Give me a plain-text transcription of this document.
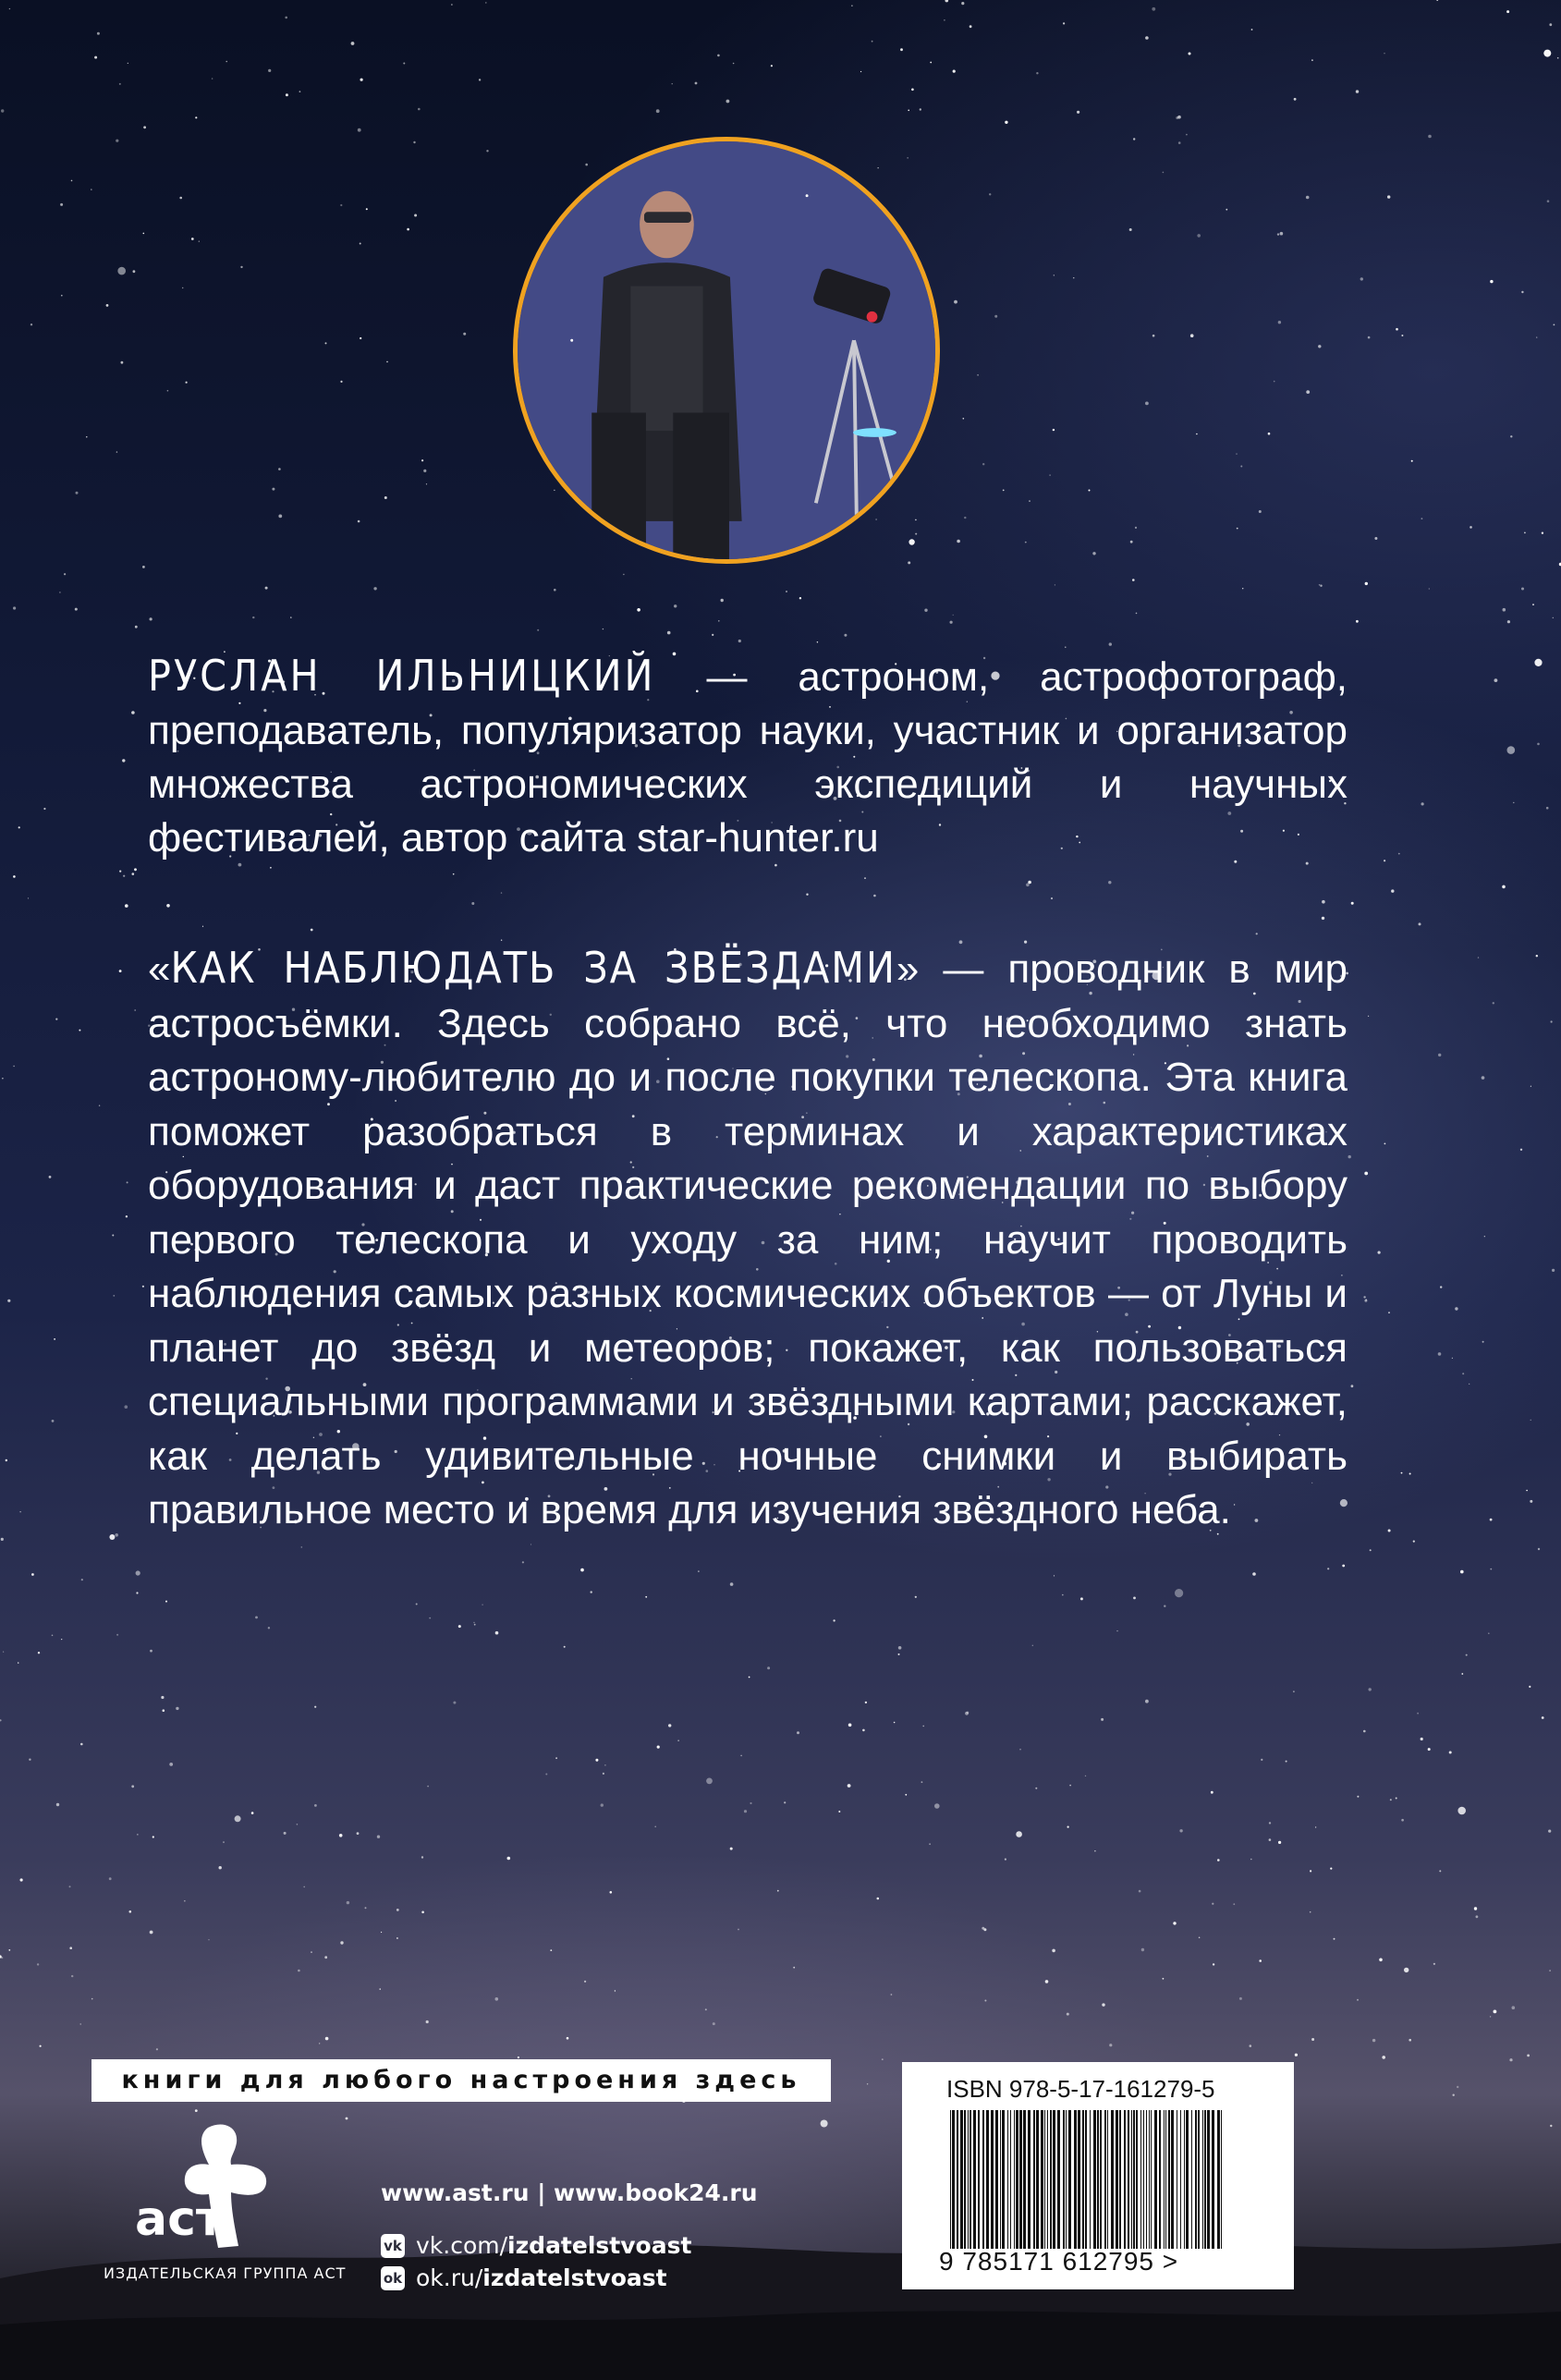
РУСЛАН ИЛЬНИЦКИЙ — астроном, астрофотограф, преподаватель, популяризатор науки, участник и организатор множества астрономических экспедиций и научных фестивалей, автор сайта star-hunter.ru

«КАК НАБЛЮДАТЬ ЗА ЗВЁЗДАМИ» — проводник в мир астросъёмки. Здесь собрано всё, что необходимо знать астроному-любителю до и после покупки телескопа. Эта книга поможет разобраться в терминах и характеристиках оборудования и даст практические рекомендации по выбору первого телескопа и уходу за ним; научит проводить наблюдения самых разных космических объектов — от Луны и планет до звёзд и метеоров; покажет, как пользоваться специальными программами и звёздными картами; расскажет, как делать удивительные ночные снимки и выбирать правильное место и время для изучения звёздного неба.

книги для любого настроения здесь
аст
ИЗДАТЕЛЬСКАЯ ГРУППА АСТ
www.ast.ru | www.book24.ru
vk vk.com/izdatelstvoast
ok ok.ru/izdatelstvoast
ISBN 978-5-17-161279-5
9 785171 612795 >
